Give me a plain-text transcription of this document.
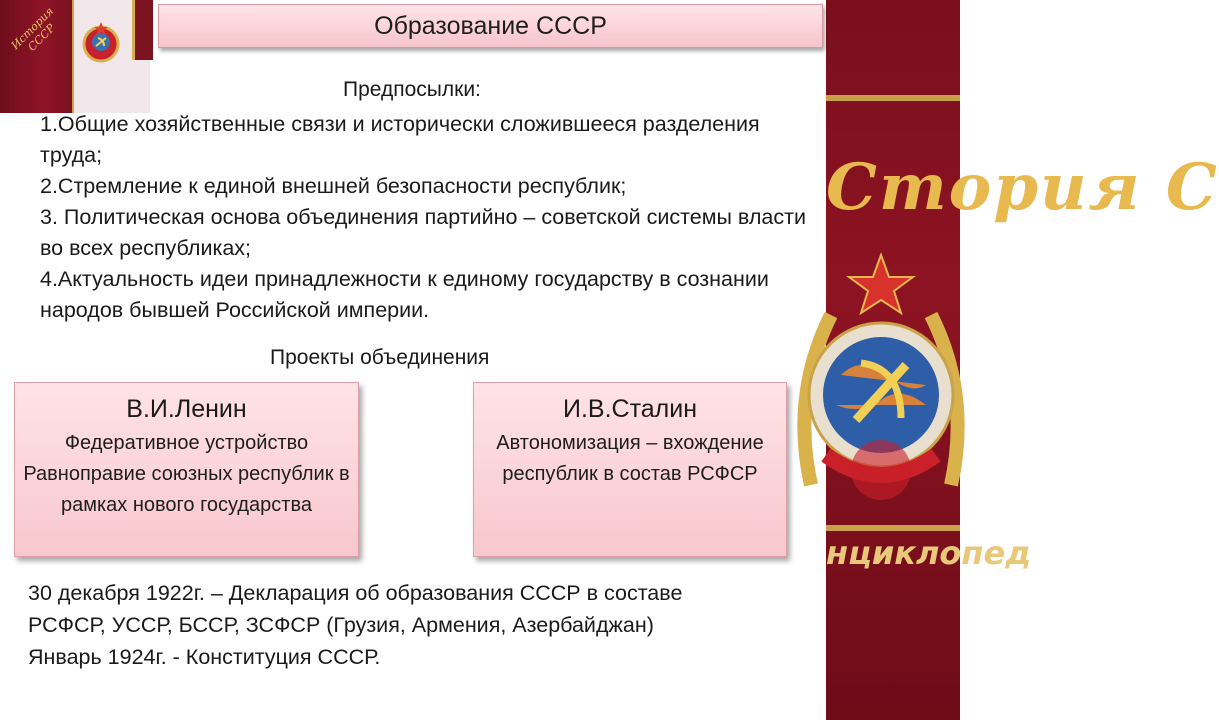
История СССР
Стория С
нциклопед
Образование СССР
Предпосылки:
1.Общие хозяйственные связи и исторически сложившееся разделения труда;
2.Стремление к единой внешней безопасности республик;
3. Политическая основа объединения партийно – советской системы власти во всех республиках;
4.Актуальность идеи принадлежности к единому государству в сознании народов бывшей Российской империи.
Проекты объединения
В.И.Ленин
Федеративное устройство Равноправие союзных республик в рамках нового государства
И.В.Сталин
Автономизация – вхождение республик в состав РСФСР
30 декабря 1922г. – Декларация об образования СССР в составе
РСФСР, УССР, БССР, ЗСФСР (Грузия, Армения, Азербайджан)
Январь 1924г. - Конституция СССР.
